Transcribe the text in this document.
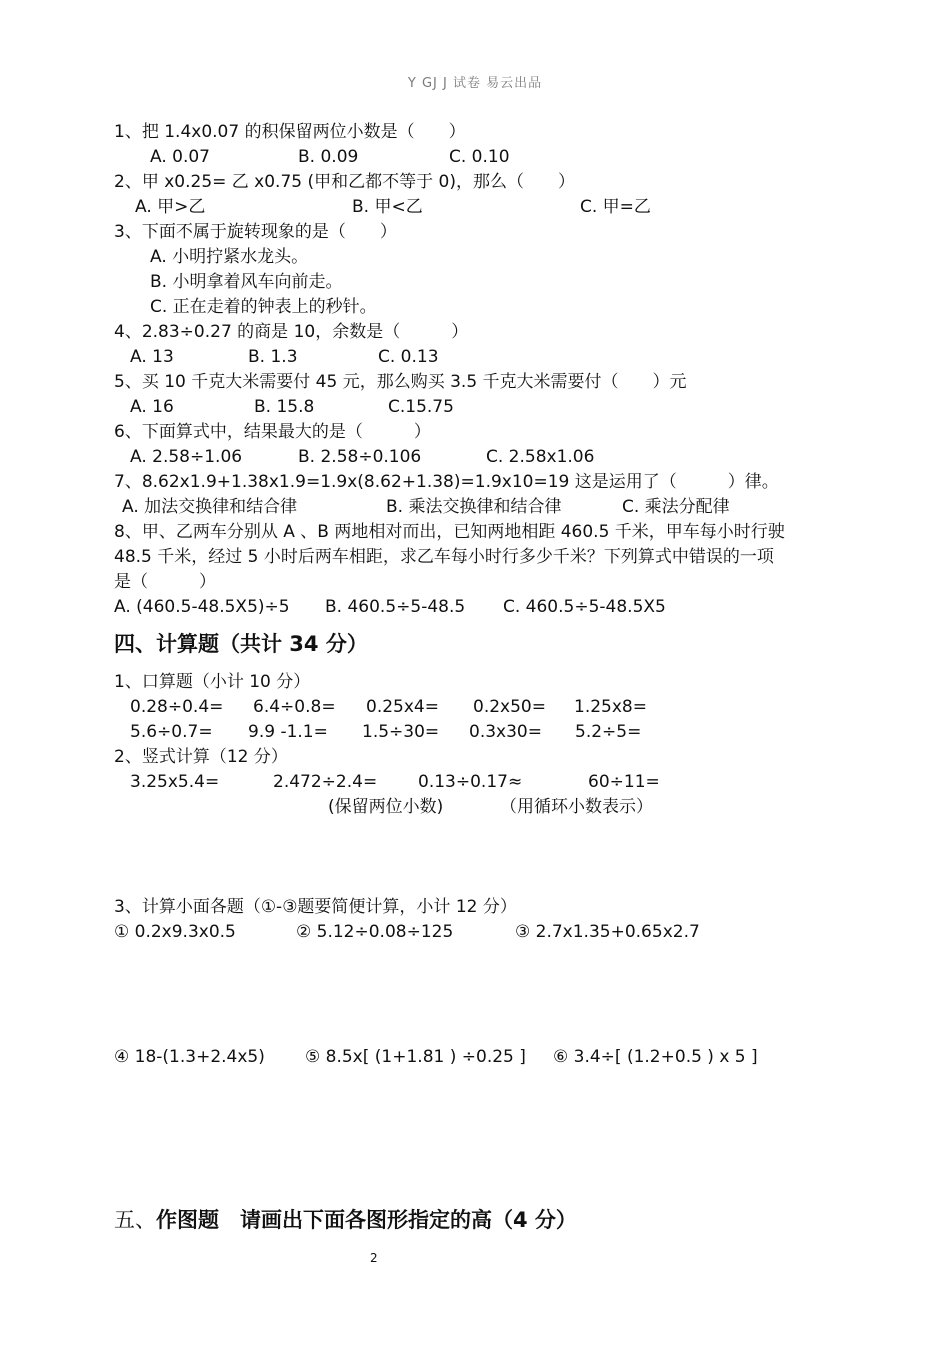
Y GJ J 试卷 易云出品
1、把 1.4x0.07 的积保留两位小数是（　　）
A. 0.07	B. 0.09	C. 0.10
2、甲 x0.25= 乙 x0.75 (甲和乙都不等于 0)，那么（　　）
A. 甲>乙	B. 甲<乙	C. 甲=乙
3、下面不属于旋转现象的是（　　）
A. 小明拧紧水龙头。
B. 小明拿着风车向前走。
C. 正在走着的钟表上的秒针。
4、2.83÷0.27 的商是 10，余数是（　　　）
A. 13	B. 1.3	C. 0.13
5、买 10 千克大米需要付 45 元，那么购买 3.5 千克大米需要付（　　）元
A. 16	B. 15.8	C.15.75
6、下面算式中，结果最大的是（　　　）
A. 2.58÷1.06	B. 2.58÷0.106	C. 2.58x1.06
7、8.62x1.9+1.38x1.9=1.9x(8.62+1.38)=1.9x10=19 这是运用了（　　　）律。
A. 加法交换律和结合律	B. 乘法交换律和结合律	C. 乘法分配律
8、甲、乙两车分别从 A 、B 两地相对而出，已知两地相距 460.5 千米，甲车每小时行驶
48.5 千米，经过 5 小时后两车相距，求乙车每小时行多少千米？下列算式中错误的一项
是（　　　）
A. (460.5-48.5X5)÷5 B. 460.5÷5-48.5 C. 460.5÷5-48.5X5
四、计算题（共计 34 分）
1、口算题（小计 10 分）
0.28÷0.4= 6.4÷0.8= 0.25x4= 0.2x50= 1.25x8=
5.6÷0.7= 9.9 -1.1= 1.5÷30= 0.3x30= 5.2÷5=
2、竖式计算（12 分）
3.25x5.4=	2.472÷2.4= 0.13÷0.17≈	60÷11=
(保留两位小数)	（用循环小数表示）
3、计算小面各题（①-③题要简便计算，小计 12 分）
① 0.2x9.3x0.5	② 5.12÷0.08÷125	③ 2.7x1.35+0.65x2.7
④ 18-(1.3+2.4x5) ⑤ 8.5x[ (1+1.81 ) ÷0.25 ] ⑥ 3.4÷[ (1.2+0.5 ) x 5 ]
五、作图题　请画出下面各图形指定的高（4 分）
2
